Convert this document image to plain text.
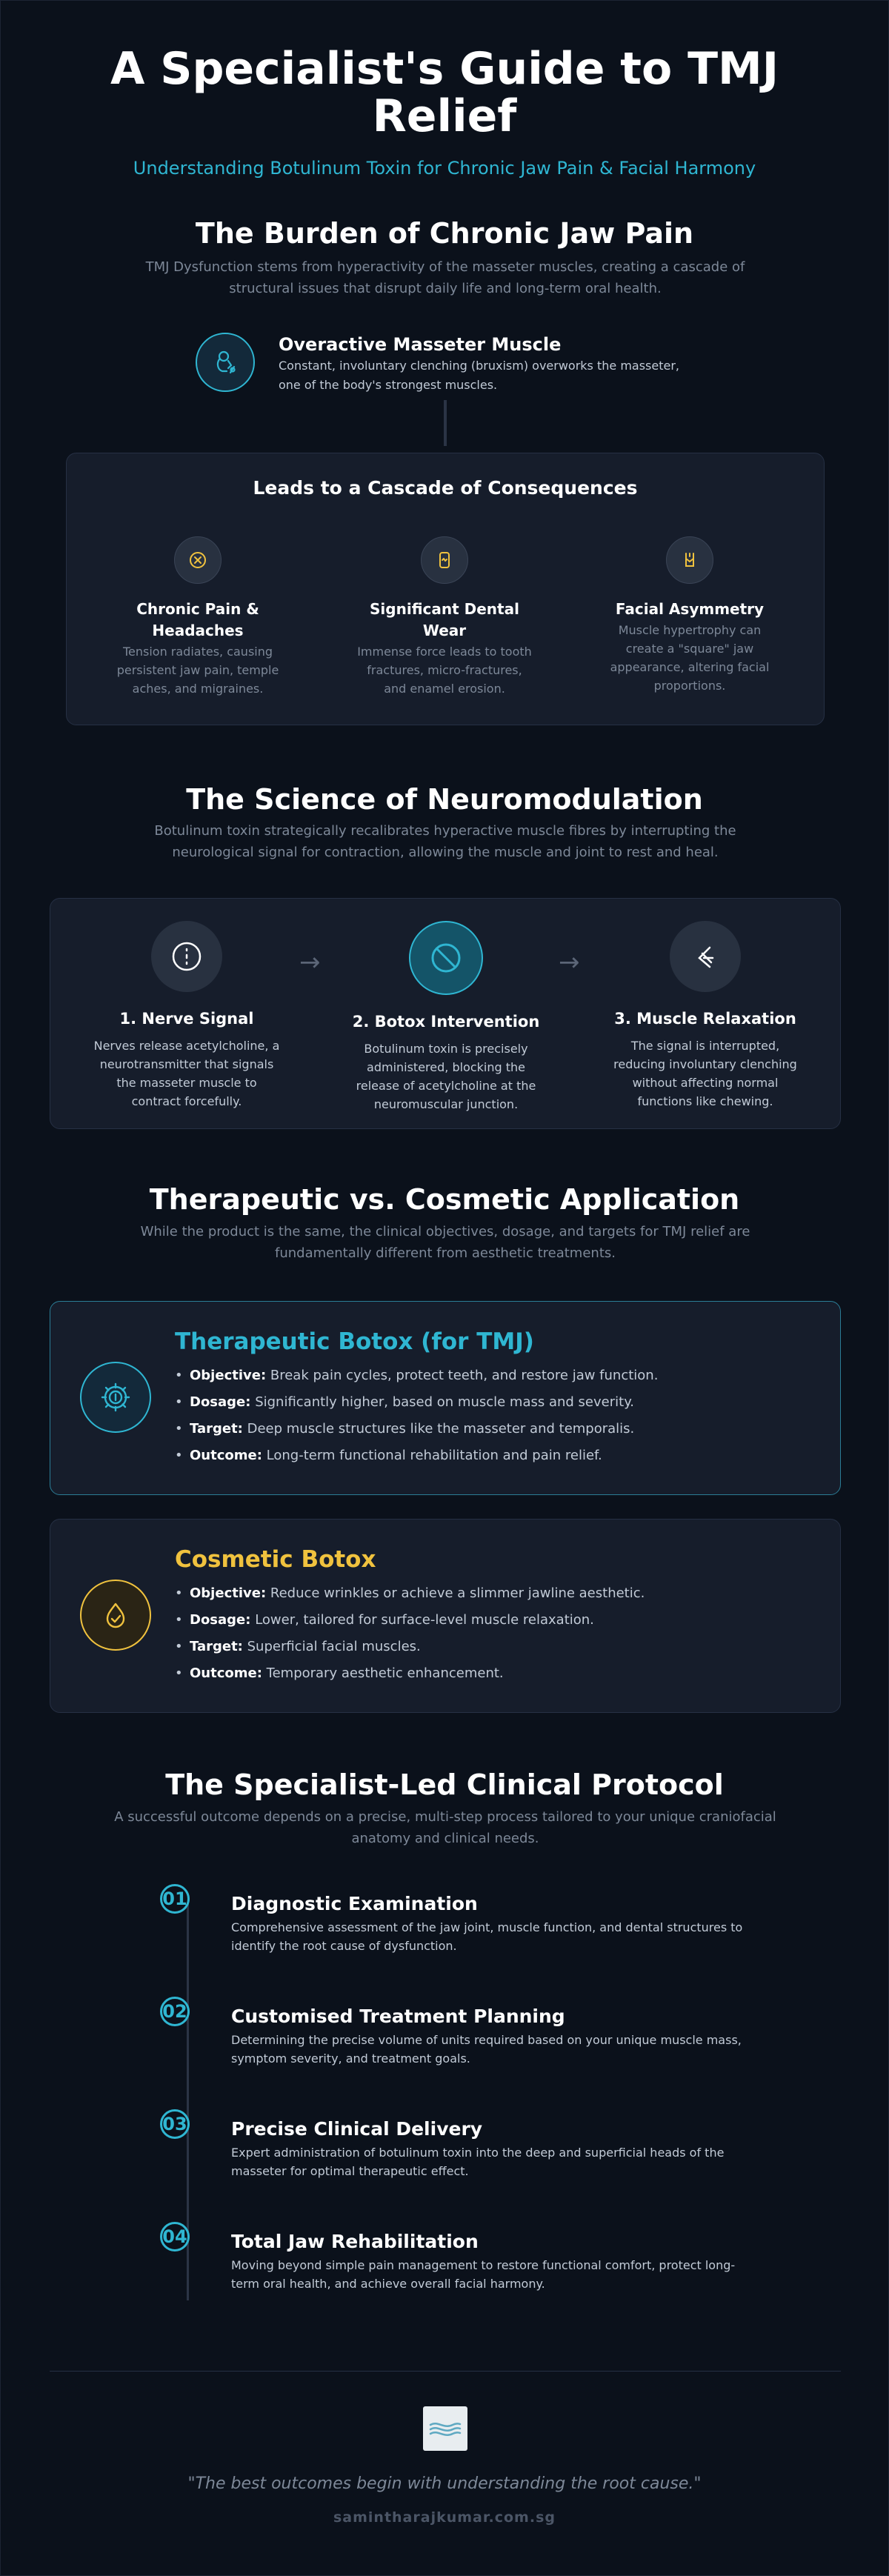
A Specialist's Guide to TMJ Relief
Understanding Botulinum Toxin for Chronic Jaw Pain & Facial Harmony
The Burden of Chronic Jaw Pain
TMJ Dysfunction stems from hyperactivity of the masseter muscles, creating a cascade of structural issues that disrupt daily life and long-term oral health.
Overactive Masseter Muscle

Constant, involuntary clenching (bruxism) overworks the masseter, one of the body's strongest muscles.

Leads to a Cascade of Consequences
Chronic Pain & Headaches

Tension radiates, causing persistent jaw pain, temple aches, and migraines.

Significant Dental Wear

Immense force leads to tooth fractures, micro-fractures, and enamel erosion.

Facial Asymmetry

Muscle hypertrophy can create a "square" jaw appearance, altering facial proportions.

The Science of Neuromodulation
Botulinum toxin strategically recalibrates hyperactive muscle fibres by interrupting the neurological signal for contraction, allowing the muscle and joint to rest and heal.
1. Nerve Signal

Nerves release acetylcholine, a neurotransmitter that signals the masseter muscle to contract forcefully.

→
2. Botox Intervention

Botulinum toxin is precisely administered, blocking the release of acetylcholine at the neuromuscular junction.

→
3. Muscle Relaxation

The signal is interrupted, reducing involuntary clenching without affecting normal functions like chewing.

Therapeutic vs. Cosmetic Application
While the product is the same, the clinical objectives, dosage, and targets for TMJ relief are fundamentally different from aesthetic treatments.
Therapeutic Botox (for TMJ)
• Objective: Break pain cycles, protect teeth, and restore jaw function.
• Dosage: Significantly higher, based on muscle mass and severity.
• Target: Deep muscle structures like the masseter and temporalis.
• Outcome: Long-term functional rehabilitation and pain relief.
Cosmetic Botox
• Objective: Reduce wrinkles or achieve a slimmer jawline aesthetic.
• Dosage: Lower, tailored for surface-level muscle relaxation.
• Target: Superficial facial muscles.
• Outcome: Temporary aesthetic enhancement.
The Specialist-Led Clinical Protocol
A successful outcome depends on a precise, multi-step process tailored to your unique craniofacial anatomy and clinical needs.
01 Diagnostic Examination

Comprehensive assessment of the jaw joint, muscle function, and dental structures to identify the root cause of dysfunction.

02 Customised Treatment Planning

Determining the precise volume of units required based on your unique muscle mass, symptom severity, and treatment goals.

03 Precise Clinical Delivery

Expert administration of botulinum toxin into the deep and superficial heads of the masseter for optimal therapeutic effect.

04 Total Jaw Rehabilitation

Moving beyond simple pain management to restore functional comfort, protect long-term oral health, and achieve overall facial harmony.

"The best outcomes begin with understanding the root cause."
samintharajkumar.com.sg
